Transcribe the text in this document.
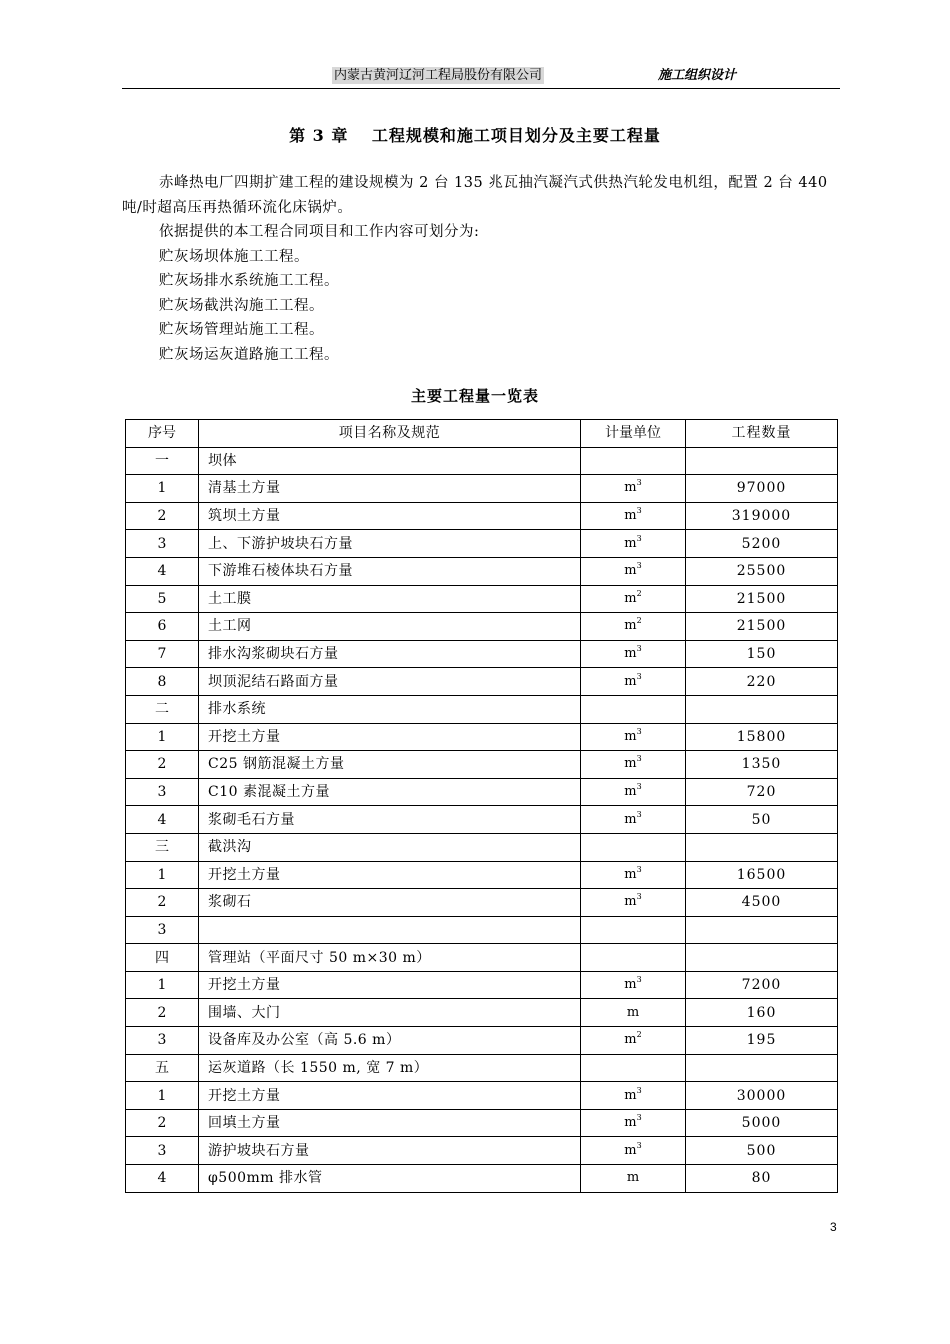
内蒙古黄河辽河工程局股份有限公司	施工组织设计
第 3 章　 工程规模和施工项目划分及主要工程量

赤峰热电厂四期扩建工程的建设规模为 2 台 135 兆瓦抽汽凝汽式供热汽轮发电机组，配置 2 台 440 吨/时超高压再热循环流化床锅炉。

依据提供的本工程合同项目和工作内容可划分为:

贮灰场坝体施工工程。

贮灰场排水系统施工工程。

贮灰场截洪沟施工工程。

贮灰场管理站施工工程。

贮灰场运灰道路施工工程。

主要工程量一览表
序号	项目名称及规范	计量单位	工程数量
一	坝体		
1	清基土方量	$m^3$	97000
2	筑坝土方量	$m^3$	319000
3	上、下游护坡块石方量	$m^3$	5200
4	下游堆石棱体块石方量	$m^3$	25500
5	土工膜	$m^2$	21500
6	土工网	$m^2$	21500
7	排水沟浆砌块石方量	$m^3$	150
8	坝顶泥结石路面方量	$m^3$	220
二	排水系统		
1	开挖土方量	$m^3$	15800
2	C25 钢筋混凝土方量	$m^3$	1350
3	C10 素混凝土方量	$m^3$	720
4	浆砌毛石方量	$m^3$	50
三	截洪沟		
1	开挖土方量	$m^3$	16500
2	浆砌石	$m^3$	4500
3			
四	管理站（平面尺寸 50 m×30 m）		
1	开挖土方量	$m^3$	7200
2	围墙、大门	m	160
3	设备库及办公室（高 5.6 m）	$m^2$	195
五	运灰道路（长 1550 m, 宽 7 m）		
1	开挖土方量	$m^3$	30000
2	回填土方量	$m^3$	5000
3	游护坡块石方量	$m^3$	500
4	φ500mm 排水管	m	80
3
